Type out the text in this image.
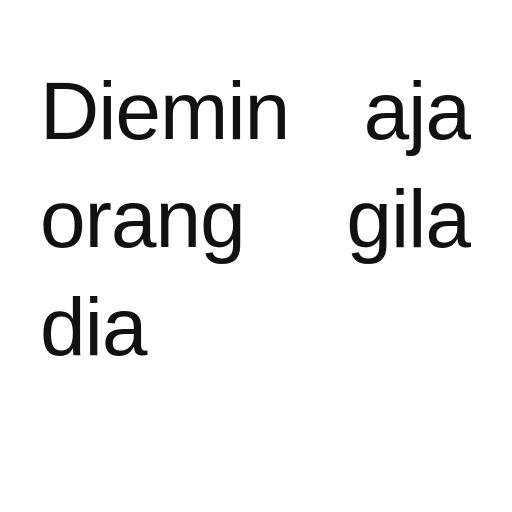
Diemin aja orang gila dia
